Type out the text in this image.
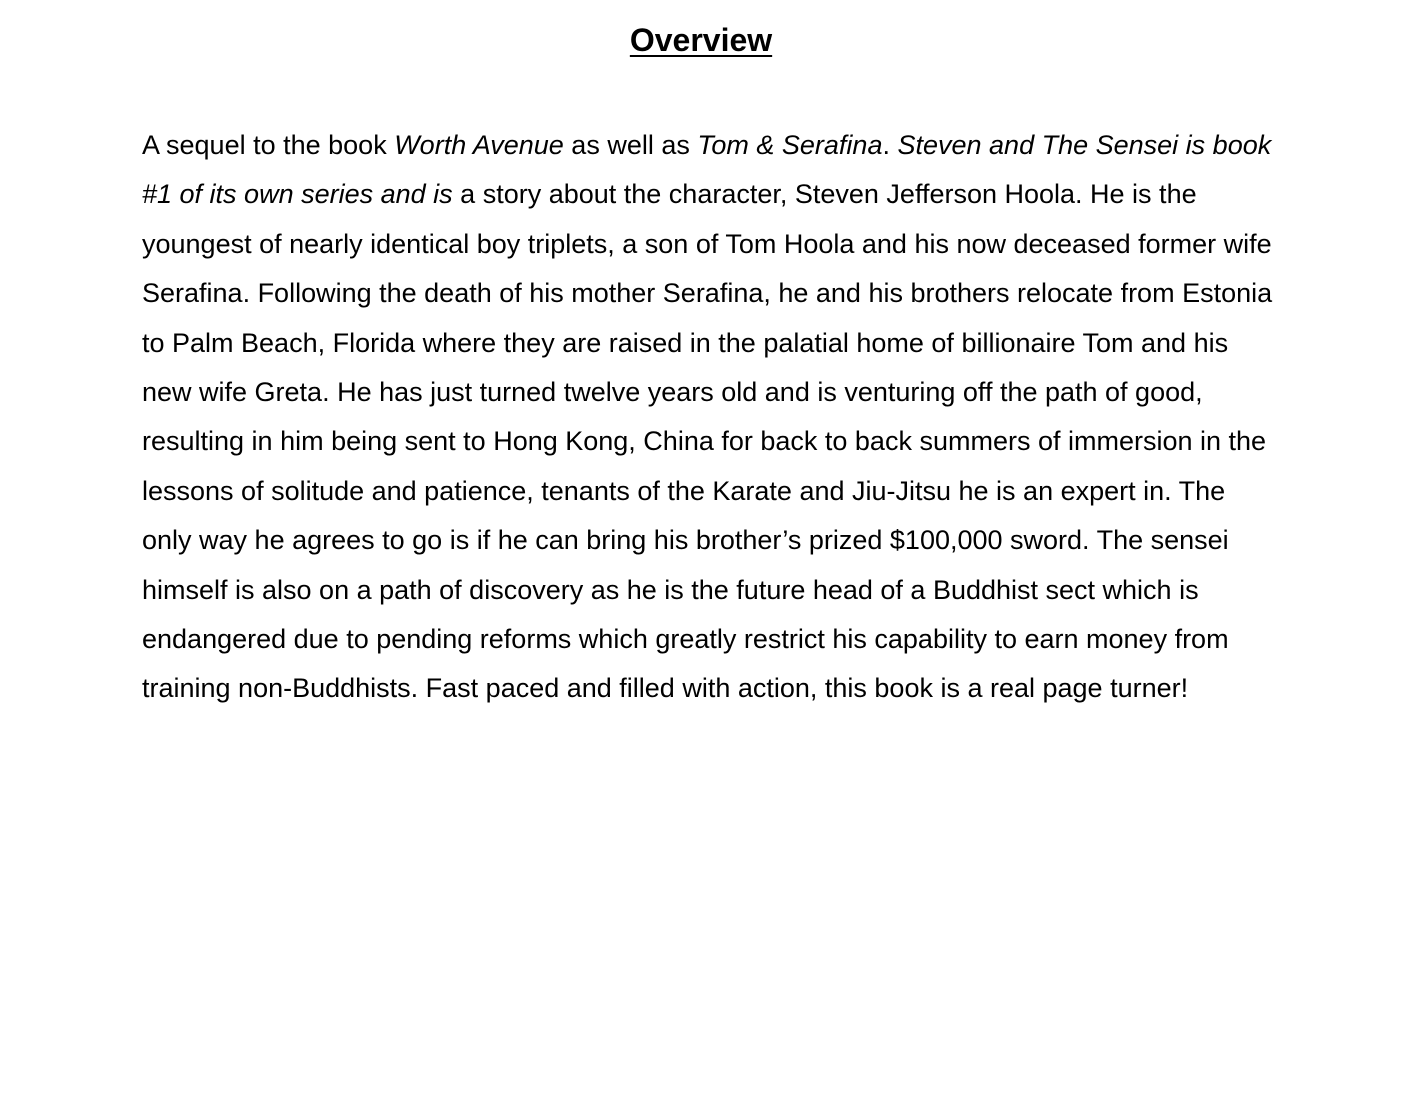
Overview

A sequel to the book Worth Avenue as well as Tom & Serafina. Steven and The Sensei is book #1 of its own series and is a story about the character, Steven Jefferson Hoola. He is the youngest of nearly identical boy triplets, a son of Tom Hoola and his now deceased former wife Serafina. Following the death of his mother Serafina, he and his brothers relocate from Estonia to Palm Beach, Florida where they are raised in the palatial home of billionaire Tom and his new wife Greta. He has just turned twelve years old and is venturing off the path of good, resulting in him being sent to Hong Kong, China for back to back summers of immersion in the lessons of solitude and patience, tenants of the Karate and Jiu-Jitsu he is an expert in. The only way he agrees to go is if he can bring his brother’s prized $100,000 sword. The sensei himself is also on a path of discovery as he is the future head of a Buddhist sect which is endangered due to pending reforms which greatly restrict his capability to earn money from training non-Buddhists. Fast paced and filled with action, this book is a real page turner!
